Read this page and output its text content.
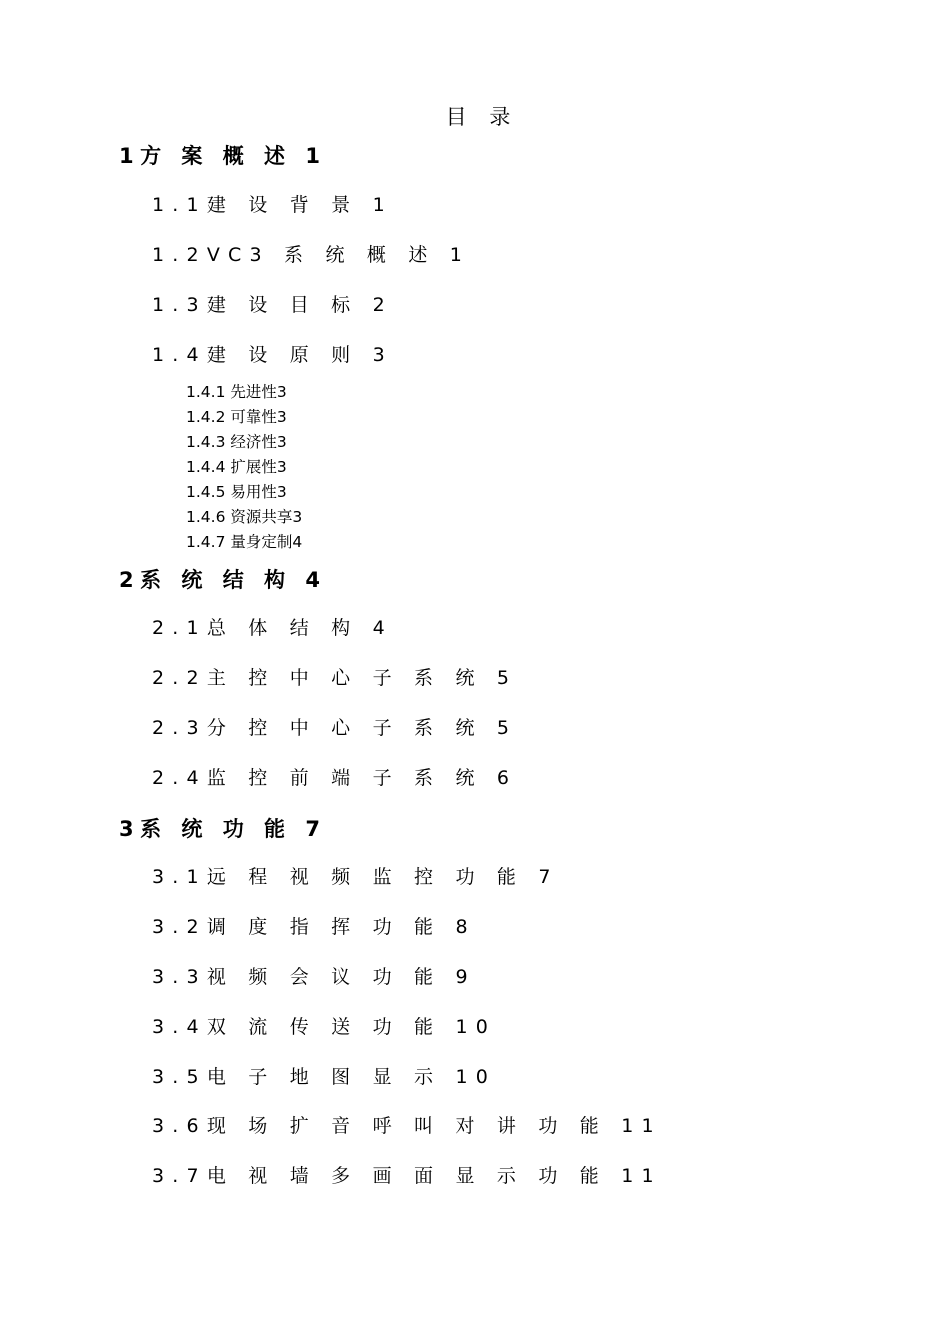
目 录
1方 案 概 述 1
1.1建 设 背 景 1
1.2VC3 系 统 概 述 1
1.3建 设 目 标 2
1.4建 设 原 则 3
1.4.1 先进性3
1.4.2 可靠性3
1.4.3 经济性3
1.4.4 扩展性3
1.4.5 易用性3
1.4.6 资源共享3
1.4.7 量身定制4
2系 统 结 构 4
2.1总 体 结 构 4
2.2主 控 中 心 子 系 统 5
2.3分 控 中 心 子 系 统 5
2.4监 控 前 端 子 系 统 6
3系 统 功 能 7
3.1远 程 视 频 监 控 功 能 7
3.2调 度 指 挥 功 能 8
3.3视 频 会 议 功 能 9
3.4双 流 传 送 功 能 10
3.5电 子 地 图 显 示 10
3.6现 场 扩 音 呼 叫 对 讲 功 能 11
3.7电 视 墙 多 画 面 显 示 功 能 11
